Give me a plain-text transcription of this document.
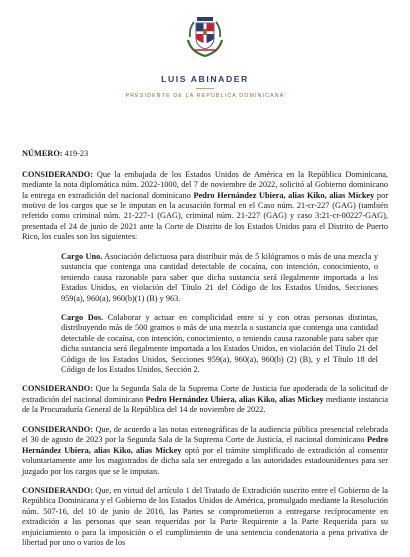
LUIS ABINADER
PRESIDENTE DE LA REPÚBLICA DOMINICANA

NÚMERO: 419-23

CONSIDERANDO: Que la embajada de los Estados Unidos de América en la República Dominicana, mediante la nota diplomática núm. 2022-1000, del 7 de noviembre de 2022, solicitó al Gobierno dominicano la entrega en extradición del nacional dominicano Pedro Hernández Ubiera, alias Kiko, alias Mickey por motivo de los cargos que se le imputan en la acusación formal en el Caso núm. 21-cr-227 (GAG) (también referido como criminal núm. 21-227-1 (GAG), criminal núm. 21-227 (GAG) y caso 3:21-cr-00227-GAG), presentada el 24 de junio de 2021 ante la Corte de Distrito de los Estados Unidos para el Distrito de Puerto Rico, los cuales son los siguientes:

Cargo Uno. Asociación delictuosa para distribuir más de 5 kilógramos o más de una mezcla y sustancia que contenga una cantidad detectable de cocaína, con intención, conocimiento, o teniendo causa razonable para saber que dicha sustancia será ilegalmente importada a los Estados Unidos, en violación del Título 21 del Código de los Estados Unidos, Secciones 959(a), 960(a), 960(b)(1) (B) y 963.

Cargo Dos. Colaborar y actuar en complicidad entre sí y con otras personas distintas, distribuyendo más de 500 gramos o más de una mezcla o sustancia que contenga una cantidad detectable de cocaína, con intención, conocimiento, o teniendo causa razonable para saber que dicha sustancia será ilegalmente importada a los Estados Unidos, en violación del Título 21 del Código de los Estados Unidos, Secciones 959(a), 960(a), 960(b) (2) (B), y el Título 18 del Código de los Estados Unidos, Sección 2.

CONSIDERANDO: Que la Segunda Sala de la Suprema Corte de Justicia fue apoderada de la solicitud de extradición del nacional dominicano Pedro Hernández Ubiera, alias Kiko, alias Mickey mediante instancia de la Procuraduría General de la República del 14 de noviembre de 2022.

CONSIDERANDO: Que, de acuerdo a las notas estenográficas de la audiencia pública presencial celebrada el 30 de agosto de 2023 por la Segunda Sala de la Suprema Corte de Justicia, el nacional dominicano Pedro Hernández Ubiera, alias Kiko, alias Mickey optó por el trámite simplificado de extradición al consentir voluntariamente ante los magistrados de dicha sala ser entregado a las autoridades estadounidenses para ser juzgado por los cargos que se le imputan.

CONSIDERANDO: Que, en virtud del artículo 1 del Tratado de Extradición suscrito entre el Gobierno de la República Dominicana y el Gobierno de los Estados Unidos de América, promulgado mediante la Resolución núm. 507-16, del 10 de junio de 2016, las Partes se comprometieron a entregarse recíprocamente en extradición a las personas que sean requeridas por la Parte Requirente a la Parte Requerida para su enjuiciamiento o para la imposición o el cumplimiento de una sentencia condenatoria a pena privativa de libertad por uno o varios de los
